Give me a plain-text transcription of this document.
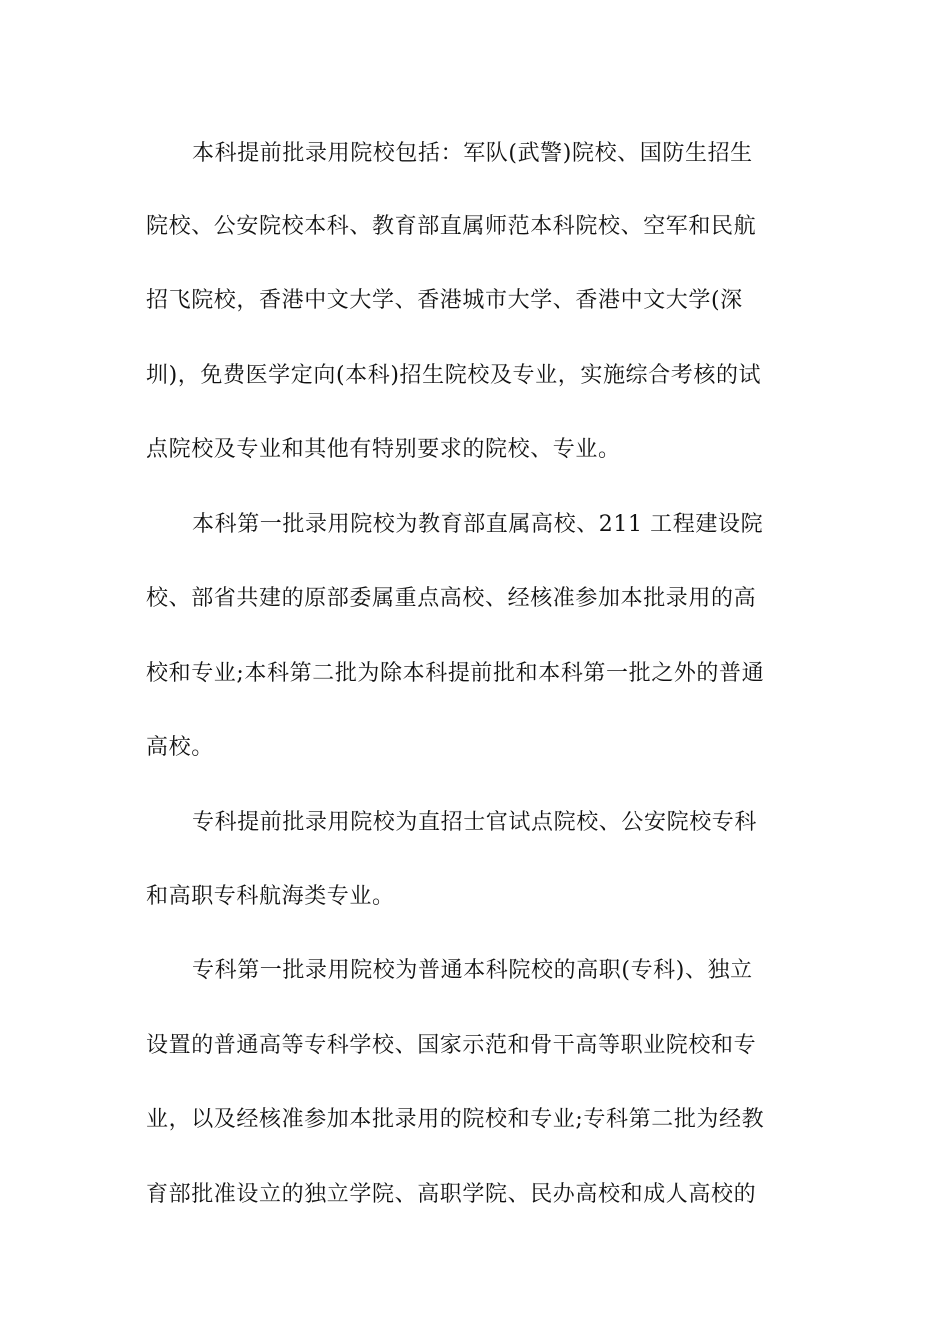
本科提前批录用院校包括：军队(武警)院校、国防生招生
院校、公安院校本科、教育部直属师范本科院校、空军和民航
招飞院校，香港中文大学、香港城市大学、香港中文大学(深
圳)，免费医学定向(本科)招生院校及专业，实施综合考核的试
点院校及专业和其他有特别要求的院校、专业。
本科第一批录用院校为教育部直属高校、211 工程建设院
校、部省共建的原部委属重点高校、经核准参加本批录用的高
校和专业;本科第二批为除本科提前批和本科第一批之外的普通
高校。
专科提前批录用院校为直招士官试点院校、公安院校专科
和高职专科航海类专业。
专科第一批录用院校为普通本科院校的高职(专科)、独立
设置的普通高等专科学校、国家示范和骨干高等职业院校和专
业，以及经核准参加本批录用的院校和专业;专科第二批为经教
育部批准设立的独立学院、高职学院、民办高校和成人高校的
